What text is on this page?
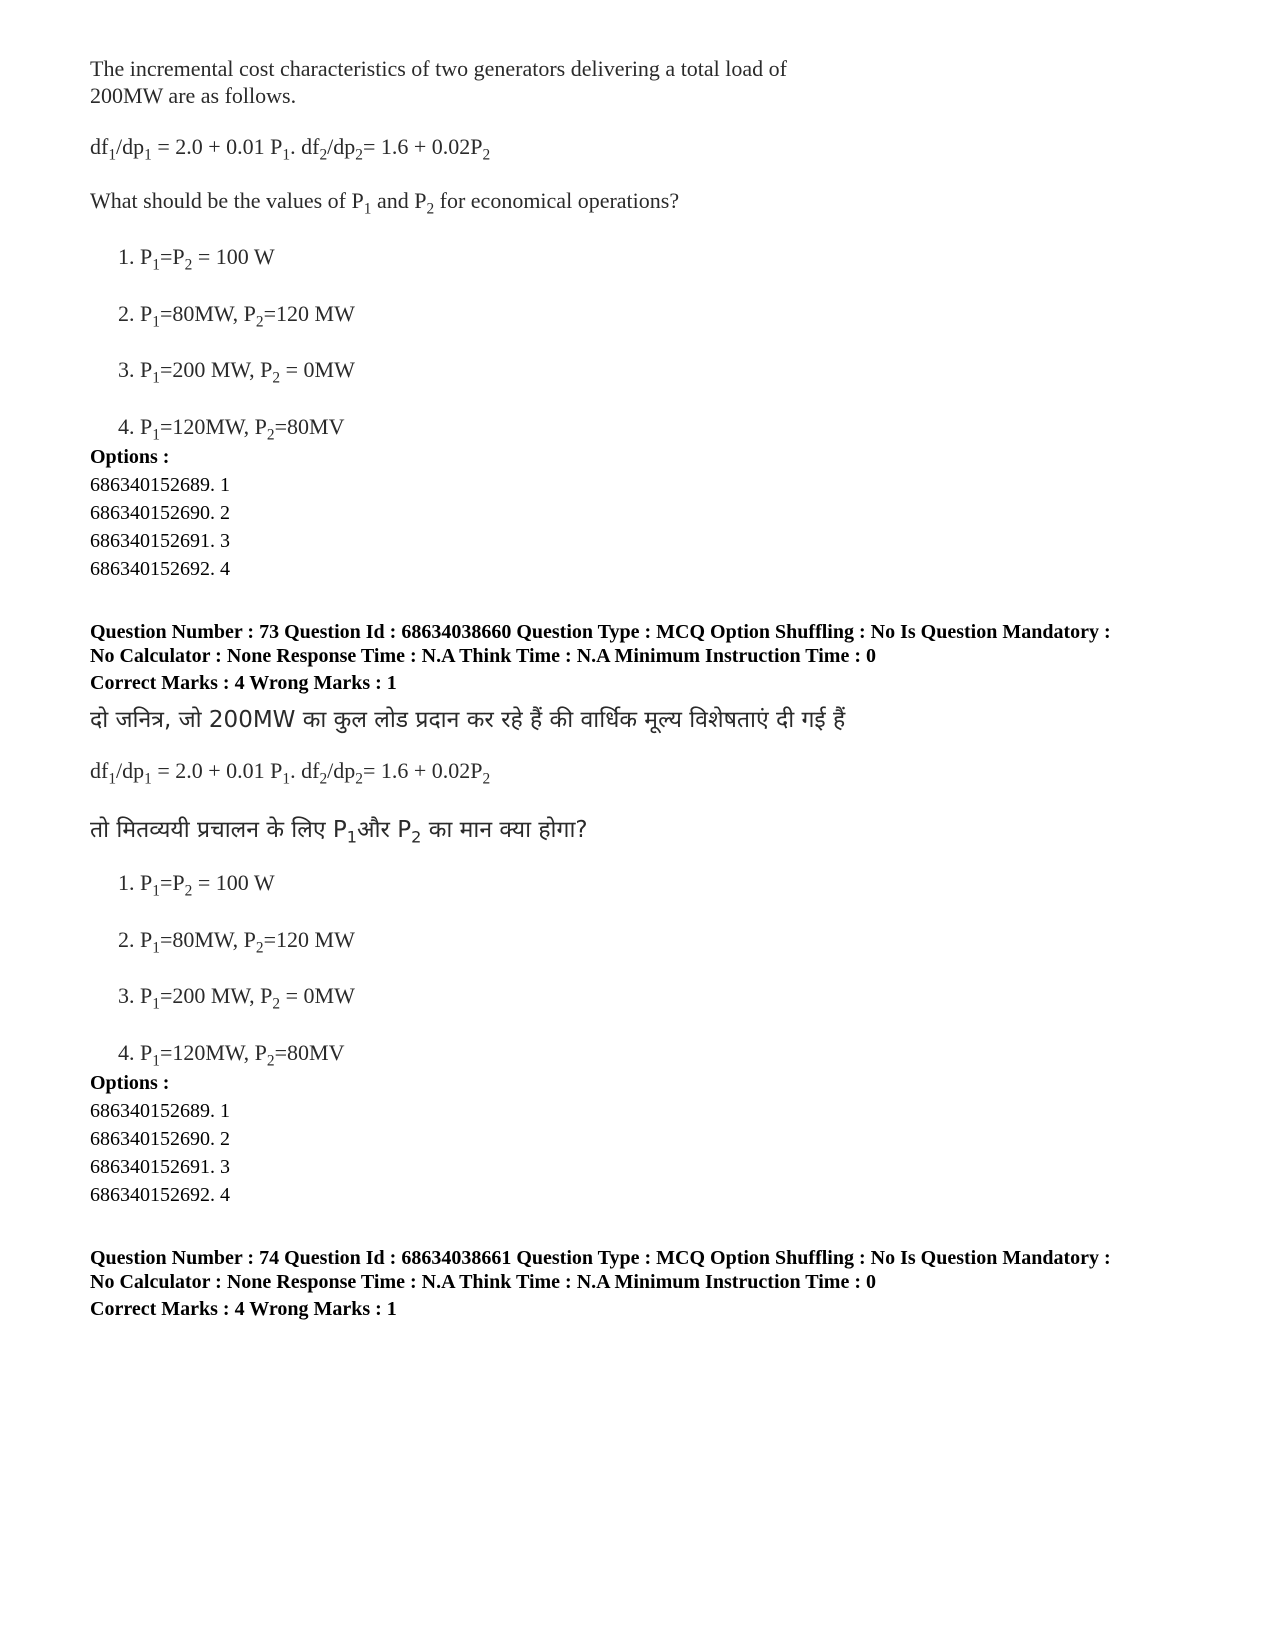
The incremental cost characteristics of two generators delivering a total load of
200MW are as follows.
$df_1/dp_1 = 2.0 + 0.01$ $P_1$. $df_2/dp_2= 1.6 + 0.02P_2$
What should be the values of $P_1$ and $P_2$ for economical operations?
1. $P_1=P_2 = 100$ W
2. $P_1=80MW$, $P_2=120$ MW
3. $P_1=200$ MW, $P_2 = 0MW$
4. $P_1=120MW$, $P_2=80MV$
Options :
686340152689. 1
686340152690. 2
686340152691. 3
686340152692. 4
Question Number : 73 Question Id : 68634038660 Question Type : MCQ Option Shuffling : No Is Question Mandatory :
No Calculator : None Response Time : N.A Think Time : N.A Minimum Instruction Time : 0
Correct Marks : 4 Wrong Marks : 1
दो जनित्र, जो 200MW का कुल लोड प्रदान कर रहे हैं की वार्धिक मूल्य विशेषताएं दी गई हैं
$df_1/dp_1 = 2.0 + 0.01$ $P_1$. $df_2/dp_2= 1.6 + 0.02P_2$
तो मितव्ययी प्रचालन के लिए $P_1और$ $P_2$ का मान क्या होगा?
1. $P_1=P_2 = 100$ W
2. $P_1=80MW$, $P_2=120$ MW
3. $P_1=200$ MW, $P_2 = 0MW$
4. $P_1=120MW$, $P_2=80MV$
Options :
686340152689. 1
686340152690. 2
686340152691. 3
686340152692. 4
Question Number : 74 Question Id : 68634038661 Question Type : MCQ Option Shuffling : No Is Question Mandatory :
No Calculator : None Response Time : N.A Think Time : N.A Minimum Instruction Time : 0
Correct Marks : 4 Wrong Marks : 1
